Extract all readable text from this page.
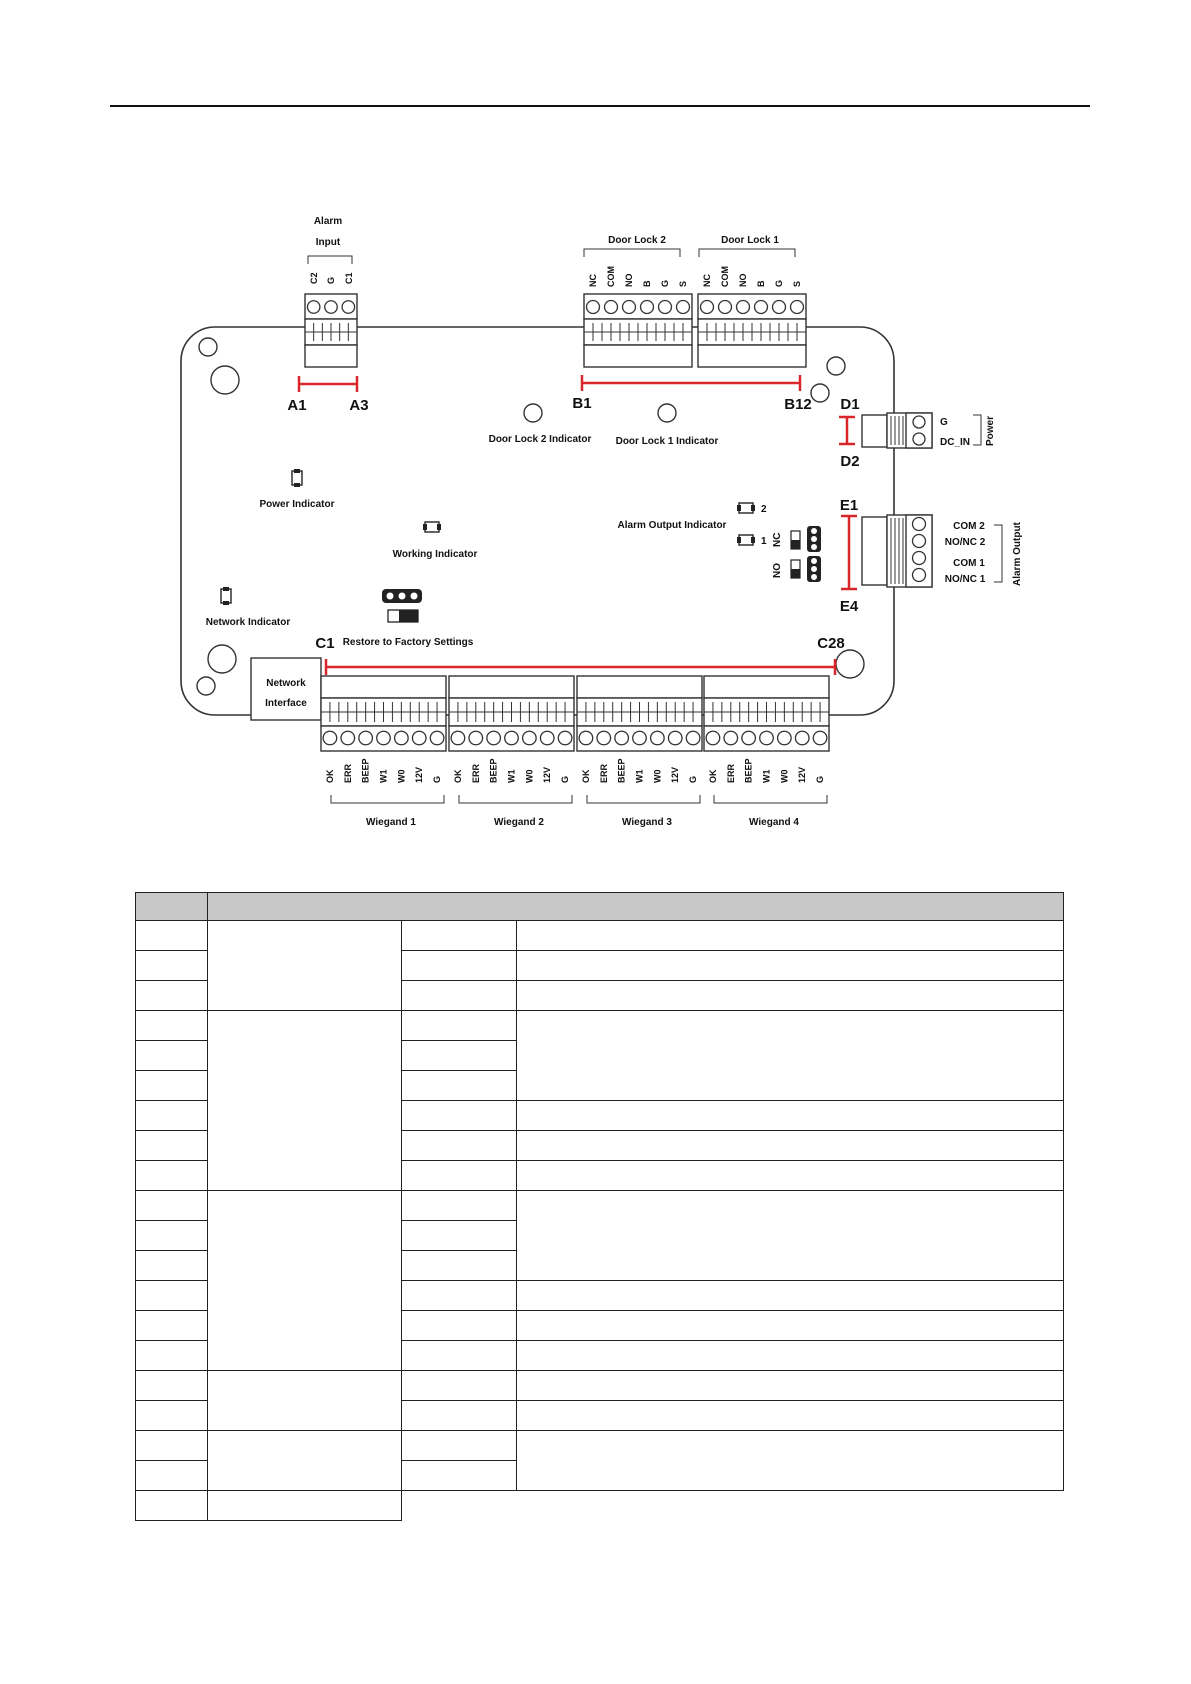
Alarm
Input
C2 G C1
A1	A3
Door Lock 2	Door Lock 1
NC COM NO B G S NC COM NO B G S
B1	B12
Door Lock 2 Indicator Door Lock 1 Indicator
G
DC_IN Power
D1
D2
COM 2
NO/NC 2
COM 1
NO/NC 1	Alarm Output
E1
E4
2
1
Alarm Output Indicator
NC
NO
Power Indicator
Working Indicator
Network Indicator
C1 Restore to Factory Settings	C28
Network
Interface
OK ERR BEEP W1 W0 12V G OK ERR BEEP W1 W0 12V G OK ERR BEEP W1 W0 12V G OK ERR BEEP W1 W0 12V G
Wiegand 1	Wiegand 2	Wiegand 3	Wiegand 4
